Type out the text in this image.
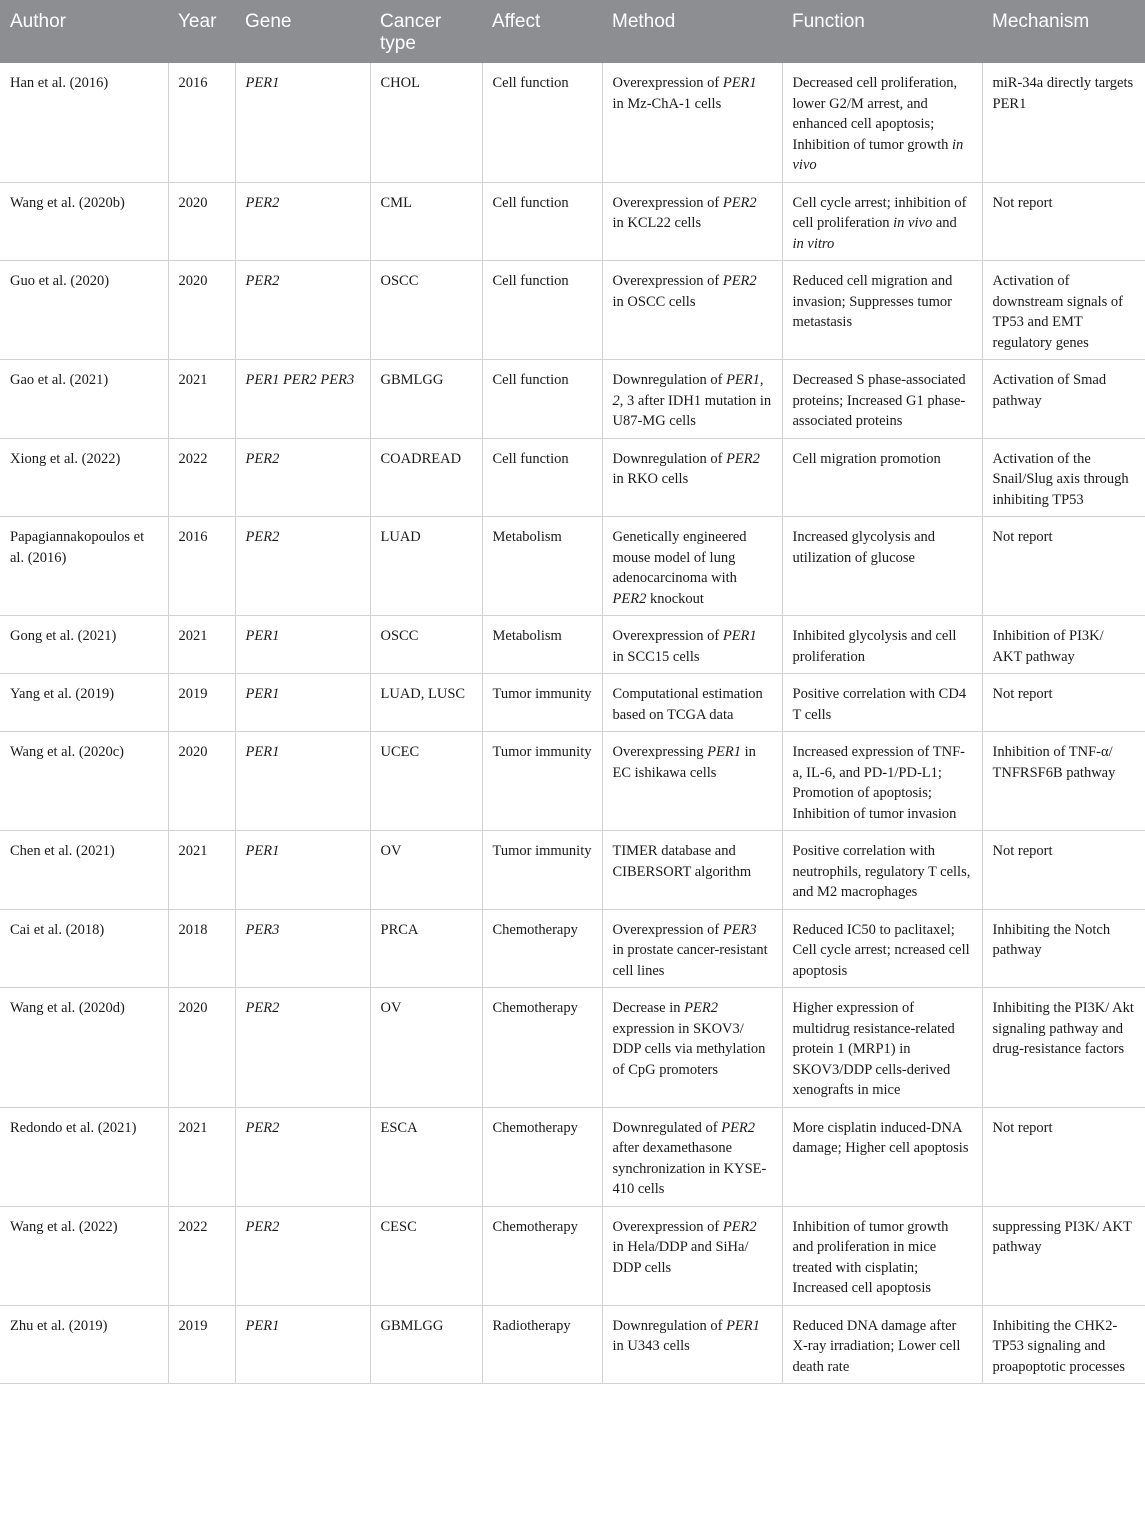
Author	Year	Gene	Cancer type	Affect	Method	Function	Mechanism
Han et al. (2016)	2016	PER1	CHOL	Cell function	Overexpression of PER1 in Mz-ChA-1 cells	Decreased cell proliferation, lower G2/M arrest, and enhanced cell apoptosis; Inhibition of tumor growth in vivo	miR-34a directly targets PER1
Wang et al. (2020b)	2020	PER2	CML	Cell function	Overexpression of PER2 in KCL22 cells	Cell cycle arrest; inhibition of cell proliferation in vivo and in vitro	Not report
Guo et al. (2020)	2020	PER2	OSCC	Cell function	Overexpression of PER2 in OSCC cells	Reduced cell migration and invasion; Suppresses tumor metastasis	Activation of downstream signals of TP53 and EMT regulatory genes
Gao et al. (2021)	2021	PER1 PER2 PER3	GBMLGG	Cell function	Downregulation of PER1, 2, 3 after IDH1 mutation in U87-MG cells	Decreased S phase-associated proteins; Increased G1 phase-associated proteins	Activation of Smad pathway
Xiong et al. (2022)	2022	PER2	COADREAD	Cell function	Downregulation of PER2 in RKO cells	Cell migration promotion	Activation of the Snail/Slug axis through inhibiting TP53
Papagiannakopoulos et al. (2016)	2016	PER2	LUAD	Metabolism	Genetically engineered mouse model of lung adenocarcinoma with PER2 knockout	Increased glycolysis and utilization of glucose	Not report
Gong et al. (2021)	2021	PER1	OSCC	Metabolism	Overexpression of PER1 in SCC15 cells	Inhibited glycolysis and cell proliferation	Inhibition of PI3K/ AKT pathway
Yang et al. (2019)	2019	PER1	LUAD, LUSC	Tumor immunity	Computational estimation based on TCGA data	Positive correlation with CD4 T cells	Not report
Wang et al. (2020c)	2020	PER1	UCEC	Tumor immunity	Overexpressing PER1 in EC ishikawa cells	Increased expression of TNF-a, IL-6, and PD-1/PD-L1; Promotion of apoptosis; Inhibition of tumor invasion	Inhibition of TNF-α/ TNFRSF6B pathway
Chen et al. (2021)	2021	PER1	OV	Tumor immunity	TIMER database and CIBERSORT algorithm	Positive correlation with neutrophils, regulatory T cells, and M2 macrophages	Not report
Cai et al. (2018)	2018	PER3	PRCA	Chemotherapy	Overexpression of PER3 in prostate cancer-resistant cell lines	Reduced IC50 to paclitaxel; Cell cycle arrest; ncreased cell apoptosis	Inhibiting the Notch pathway
Wang et al. (2020d)	2020	PER2	OV	Chemotherapy	Decrease in PER2 expression in SKOV3/ DDP cells via methylation of CpG promoters	Higher expression of multidrug resistance-related protein 1 (MRP1) in SKOV3/DDP cells-derived xenografts in mice	Inhibiting the PI3K/ Akt signaling pathway and drug-resistance factors
Redondo et al. (2021)	2021	PER2	ESCA	Chemotherapy	Downregulated of PER2 after dexamethasone synchronization in KYSE-410 cells	More cisplatin induced-DNA damage; Higher cell apoptosis	Not report
Wang et al. (2022)	2022	PER2	CESC	Chemotherapy	Overexpression of PER2 in Hela/DDP and SiHa/ DDP cells	Inhibition of tumor growth and proliferation in mice treated with cisplatin; Increased cell apoptosis	suppressing PI3K/ AKT pathway
Zhu et al. (2019)	2019	PER1	GBMLGG	Radiotherapy	Downregulation of PER1 in U343 cells	Reduced DNA damage after X-ray irradiation; Lower cell death rate	Inhibiting the CHK2-TP53 signaling and proapoptotic processes
